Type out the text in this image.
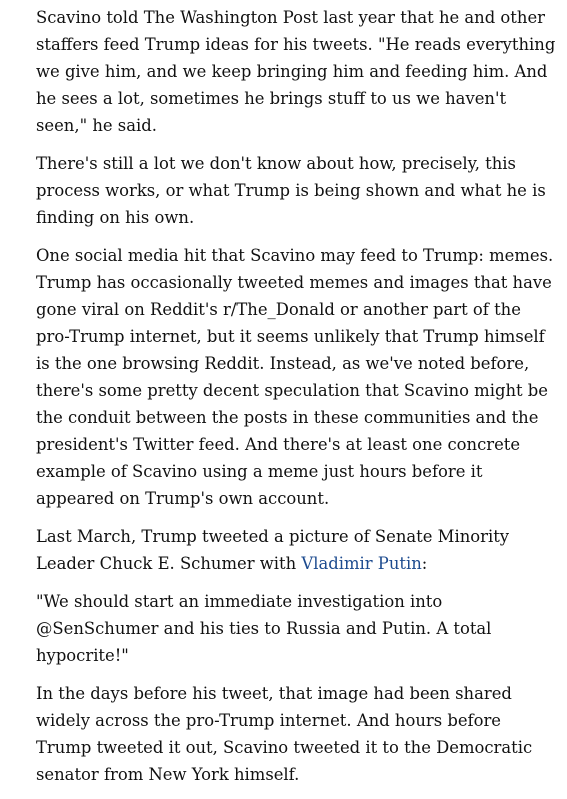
Scavino told The Washington Post last year that he and other staffers feed Trump ideas for his tweets. "He reads everything we give him, and we keep bringing him and feeding him. And he sees a lot, sometimes he brings stuff to us we haven't seen," he said.

There's still a lot we don't know about how, precisely, this process works, or what Trump is being shown and what he is finding on his own.

One social media hit that Scavino may feed to Trump: memes. Trump has occasionally tweeted memes and images that have gone viral on Reddit's r/The_Donald or another part of the pro-Trump internet, but it seems unlikely that Trump himself is the one browsing Reddit. Instead, as we've noted before, there's some pretty decent speculation that Scavino might be the conduit between the posts in these communities and the president's Twitter feed. And there's at least one concrete example of Scavino using a meme just hours before it appeared on Trump's own account.

Last March, Trump tweeted a picture of Senate Minority Leader Chuck E. Schumer with Vladimir Putin:

"We should start an immediate investigation into @SenSchumer and his ties to Russia and Putin. A total hypocrite!"

In the days before his tweet, that image had been shared widely across the pro-Trump internet. And hours before Trump tweeted it out, Scavino tweeted it to the Democratic senator from New York himself.
